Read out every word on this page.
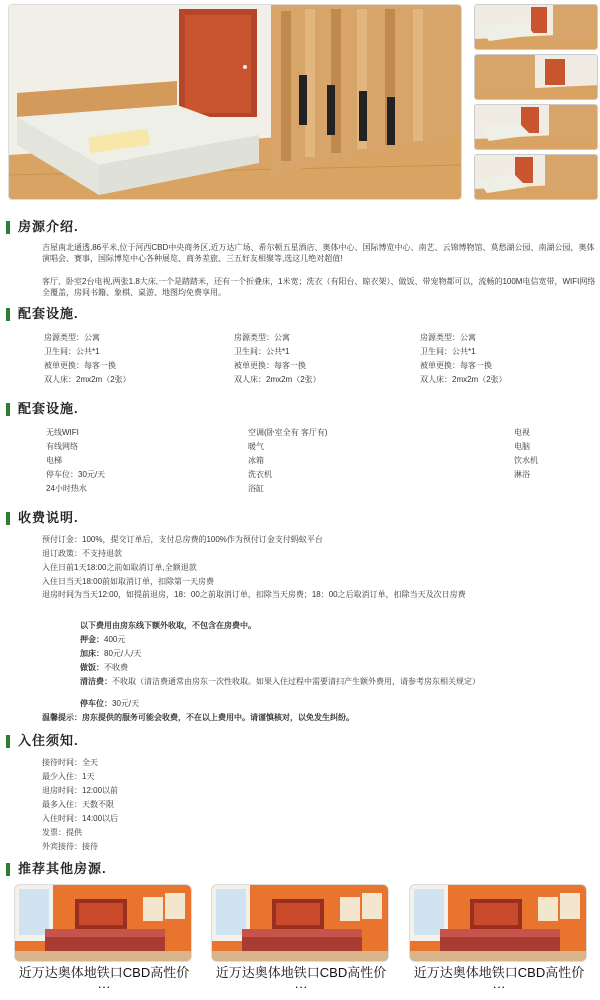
房源介绍.

吉屋南北通透,86平米,位于河西CBD中央商务区,近万达广场、希尔顿五星酒店、奥体中心、国际博览中心、南艺、云锦博物馆、莫愁湖公园、南湖公园，奥体演唱会、赛事，国际博览中心各种展览、商务差旅、三五好友相聚等,选这儿绝对超值!

客厅、卧室2台电视,两张1.8大床,一个是踏踏米，还有一个折叠床，1米宽；洗衣（有阳台、晾衣架）、做饭、带宠物都可以，流畅的100M电信宽带，WIFI网络全覆盖，房间书籍、象棋、桌游、地图均免费享用。

配套设施.
房源类型：公寓
卫生间：公共*1
被单更换：每客一换
双人床：2mx2m（2张）
房源类型：公寓
卫生间：公共*1
被单更换：每客一换
双人床：2mx2m（2张）
房源类型：公寓
卫生间：公共*1
被单更换：每客一换
双人床：2mx2m（2张）
配套设施.
无线WIFI
有线网络
电梯
停车位：30元/天
24小时热水
空调(卧室全有 客厅有)
暖气
冰箱
洗衣机
浴缸
电视
电脑
饮水机
淋浴
收费说明.
预付订金：100%，提交订单后，支付总房费的100%作为预付订金支付蚂蚁平台
退订政策：不支持退款
入住日前1天18:00之前如取消订单,全额退款
入住日当天18:00前如取消订单，扣除第一天房费
退房时间为当天12:00，如提前退房，18：00之前取消订单，扣除当天房费；18：00之后取消订单，扣除当天及次日房费
以下费用由房东线下额外收取，不包含在房费中。
押金：400元
加床：80元/人/天
做饭：不收费
清洁费：不收取（清洁费通常由房东一次性收取。如果入住过程中需要清扫产生额外费用，请参考房东相关规定）
停车位：30元/天
温馨提示：房东提供的服务可能会收费，不在以上费用中。请谨慎核对，以免发生纠纷。
入住须知.
接待时间：全天
最少入住：1天
退房时间：12:00以前
最多入住：天数不限
入住时间：14:00以后
发票：提供
外宾接待：接待
推荐其他房源.
近万达奥体地铁口CBD高性价···
近万达奥体地铁口CBD高性价···
近万达奥体地铁口CBD高性价···
